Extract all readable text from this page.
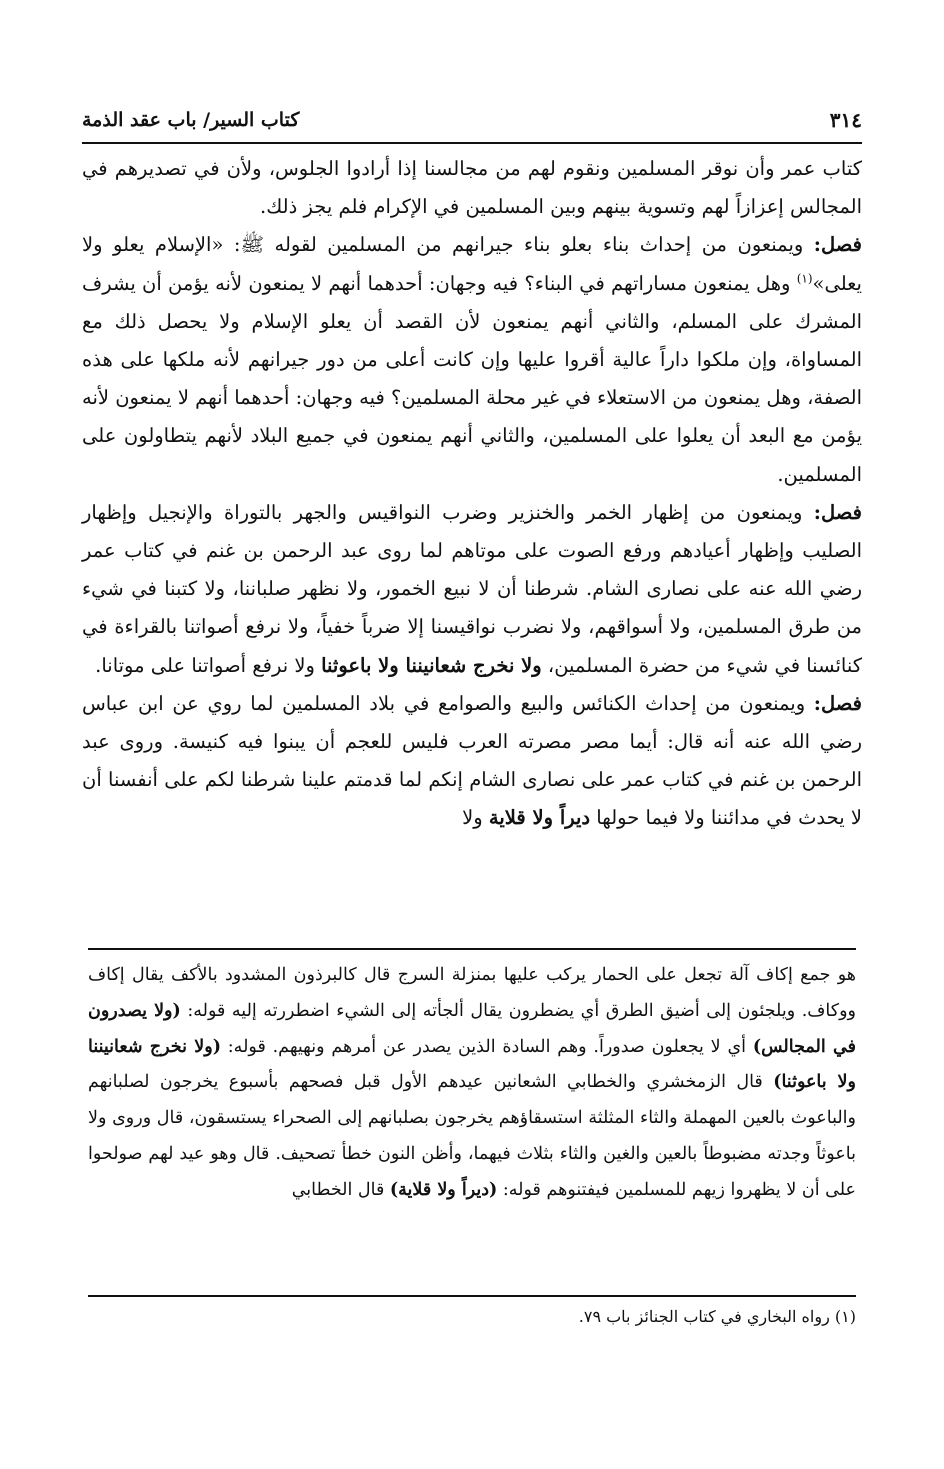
٣١٤
كتاب السير/ باب عقد الذمة

كتاب عمر وأن نوقر المسلمين ونقوم لهم من مجالسنا إذا أرادوا الجلوس، ولأن في تصديرهم في المجالس إعزازاً لهم وتسوية بينهم وبين المسلمين في الإكرام فلم يجز ذلك.

فصل: ويمنعون من إحداث بناء بعلو بناء جيرانهم من المسلمين لقوله ﷺ: «الإسلام يعلو ولا يعلى»$^{(١)}$ وهل يمنعون مساراتهم في البناء؟ فيه وجهان: أحدهما أنهم لا يمنعون لأنه يؤمن أن يشرف المشرك على المسلم، والثاني أنهم يمنعون لأن القصد أن يعلو الإسلام ولا يحصل ذلك مع المساواة، وإن ملكوا داراً عالية أقروا عليها وإن كانت أعلى من دور جيرانهم لأنه ملكها على هذه الصفة، وهل يمنعون من الاستعلاء في غير محلة المسلمين؟ فيه وجهان: أحدهما أنهم لا يمنعون لأنه يؤمن مع البعد أن يعلوا على المسلمين، والثاني أنهم يمنعون في جميع البلاد لأنهم يتطاولون على المسلمين.

فصل: ويمنعون من إظهار الخمر والخنزير وضرب النواقيس والجهر بالتوراة والإنجيل وإظهار الصليب وإظهار أعيادهم ورفع الصوت على موتاهم لما روى عبد الرحمن بن غنم في كتاب عمر رضي الله عنه على نصارى الشام. شرطنا أن لا نبيع الخمور، ولا نظهر صلباننا، ولا كتبنا في شيء من طرق المسلمين، ولا أسواقهم، ولا نضرب نواقيسنا إلا ضرباً خفياً، ولا نرفع أصواتنا بالقراءة في كنائسنا في شيء من حضرة المسلمين، ولا نخرج شعانيننا ولا باعوثنا ولا نرفع أصواتنا على موتانا.

فصل: ويمنعون من إحداث الكنائس والبيع والصوامع في بلاد المسلمين لما روي عن ابن عباس رضي الله عنه أنه قال: أيما مصر مصرته العرب فليس للعجم أن يبنوا فيه كنيسة. وروى عبد الرحمن بن غنم في كتاب عمر على نصارى الشام إنكم لما قدمتم علينا شرطنا لكم على أنفسنا أن لا يحدث في مدائننا ولا فيما حولها ديراً ولا قلاية ولا

هو جمع إكاف آلة تجعل على الحمار يركب عليها بمنزلة السرج قال كالبرذون المشدود بالأكف يقال إكاف ووكاف. ويلجئون إلى أضيق الطرق أي يضطرون يقال ألجأته إلى الشيء اضطررته إليه قوله: (ولا يصدرون في المجالس) أي لا يجعلون صدوراً. وهم السادة الذين يصدر عن أمرهم ونهيهم. قوله: (ولا نخرج شعانيننا ولا باعوثنا) قال الزمخشري والخطابي الشعانين عيدهم الأول قبل فصحهم بأسبوع يخرجون لصلبانهم والباعوث بالعين المهملة والثاء المثلثة استسقاؤهم يخرجون بصلبانهم إلى الصحراء يستسقون، قال وروى ولا باعوثاً وجدته مضبوطاً بالعين والغين والثاء بثلاث فيهما، وأظن النون خطأ تصحيف. قال وهو عيد لهم صولحوا على أن لا يظهروا زيهم للمسلمين فيفتنوهم قوله: (ديراً ولا قلاية) قال الخطابي

(١) رواه البخاري في كتاب الجنائز باب ٧٩.
